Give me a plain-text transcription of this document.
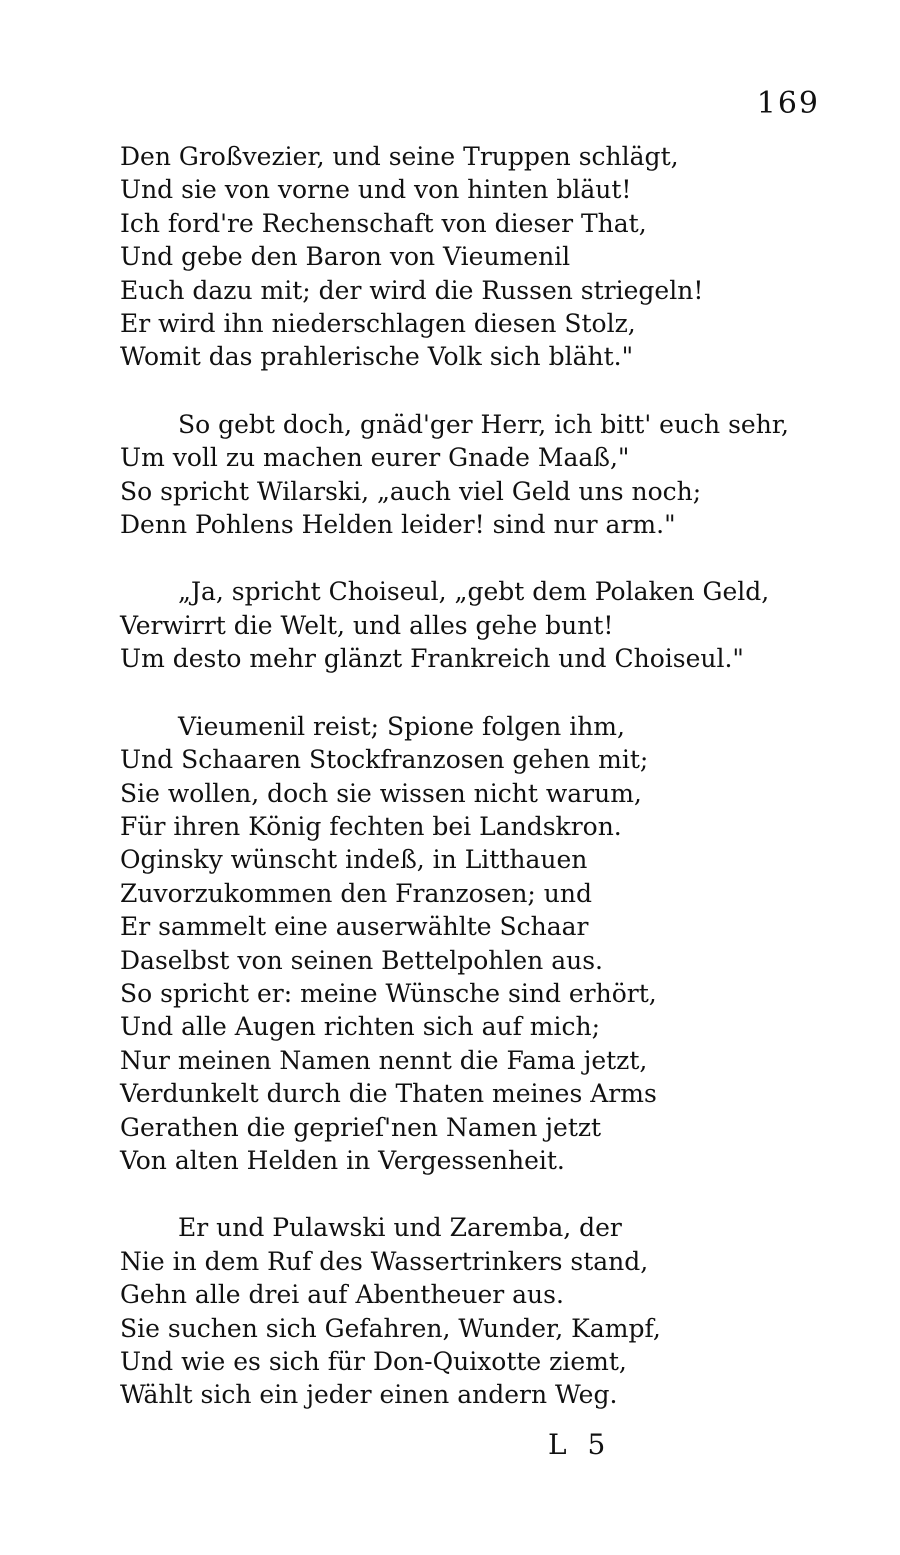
169
Den Großvezier, und seine Truppen schlägt,
Und sie von vorne und von hinten bläut!
Ich ford're Rechenschaft von dieser That,
Und gebe den Baron von Vieumenil
Euch dazu mit; der wird die Russen striegeln!
Er wird ihn niederschlagen diesen Stolz,
Womit das prahlerische Volk sich bläht."
So gebt doch, gnäd'ger Herr, ich bitt' euch sehr,
Um voll zu machen eurer Gnade Maaß,"
So spricht Wilarski, „auch viel Geld uns noch;
Denn Pohlens Helden leider! sind nur arm."
„Ja, spricht Choiseul, „gebt dem Polaken Geld,
Verwirrt die Welt, und alles gehe bunt!
Um desto mehr glänzt Frankreich und Choiseul."
Vieumenil reist; Spione folgen ihm,
Und Schaaren Stockfranzosen gehen mit;
Sie wollen, doch sie wissen nicht warum,
Für ihren König fechten bei Landskron.
Oginsky wünscht indeß, in Litthauen
Zuvorzukommen den Franzosen; und
Er sammelt eine auserwählte Schaar
Daselbst von seinen Bettelpohlen aus.
So spricht er: meine Wünsche sind erhört,
Und alle Augen richten sich auf mich;
Nur meinen Namen nennt die Fama jetzt,
Verdunkelt durch die Thaten meines Arms
Gerathen die geprieſ'nen Namen jetzt
Von alten Helden in Vergessenheit.
Er und Pulawski und Zaremba, der
Nie in dem Ruf des Wassertrinkers stand,
Gehn alle drei auf Abentheuer aus.
Sie suchen sich Gefahren, Wunder, Kampf,
Und wie es sich für Don-Quixotte ziemt,
Wählt sich ein jeder einen andern Weg.
L 5
